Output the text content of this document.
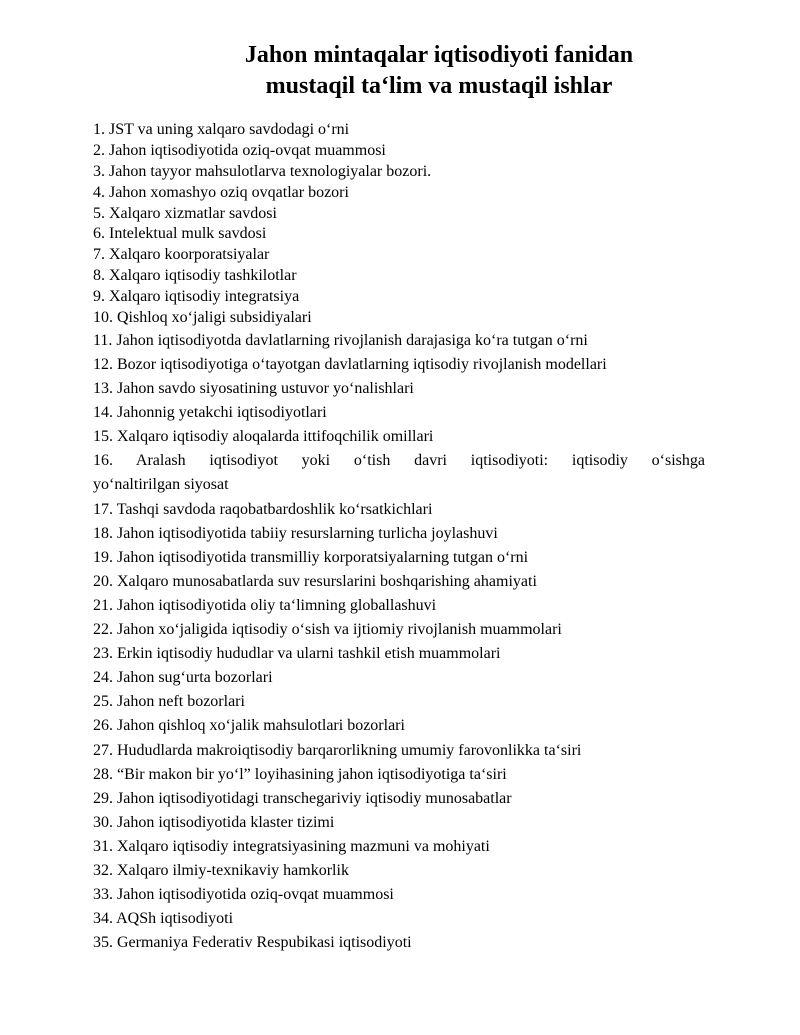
Jahon mintaqalar iqtisodiyoti fanidan
mustaqil taʻlim va mustaqil ishlar
1. JST va uning xalqaro savdodagi oʻrni
2. Jahon iqtisodiyotida oziq-ovqat muammosi
3. Jahon tayyor mahsulotlarva texnologiyalar bozori.
4. Jahon xomashyo oziq ovqatlar bozori
5. Xalqaro xizmatlar savdosi
6. Intelektual mulk savdosi
7. Xalqaro koorporatsiyalar
8. Xalqaro iqtisodiy tashkilotlar
9. Xalqaro iqtisodiy integratsiya
10. Qishloq xoʻjaligi subsidiyalari
11. Jahon iqtisodiyotda davlatlarning rivojlanish darajasiga koʻra tutgan oʻrni
12. Bozor iqtisodiyotiga oʻtayotgan davlatlarning iqtisodiy rivojlanish modellari
13. Jahon savdo siyosatining ustuvor yoʻnalishlari
14. Jahonnig yetakchi iqtisodiyotlari
15. Xalqaro iqtisodiy aloqalarda ittifoqchilik omillari
16. Aralash iqtisodiyot yoki oʻtish davri iqtisodiyoti: iqtisodiy oʻsishga
yoʻnaltirilgan siyosat
17. Tashqi savdoda raqobatbardoshlik koʻrsatkichlari
18. Jahon iqtisodiyotida tabiiy resurslarning turlicha joylashuvi
19. Jahon iqtisodiyotida transmilliy korporatsiyalarning tutgan oʻrni
20. Xalqaro munosabatlarda suv resurslarini boshqarishing ahamiyati
21. Jahon iqtisodiyotida oliy taʻlimning globallashuvi
22. Jahon xoʻjaligida iqtisodiy oʻsish va ijtiomiy rivojlanish muammolari
23. Erkin iqtisodiy hududlar va ularni tashkil etish muammolari
24. Jahon sugʻurta bozorlari
25. Jahon neft bozorlari
26. Jahon qishloq xoʻjalik mahsulotlari bozorlari
27. Hududlarda makroiqtisodiy barqarorlikning umumiy farovonlikka taʻsiri
28. “Bir makon bir yoʻl” loyihasining jahon iqtisodiyotiga taʻsiri
29. Jahon iqtisodiyotidagi transchegariviy iqtisodiy munosabatlar
30. Jahon iqtisodiyotida klaster tizimi
31. Xalqaro iqtisodiy integratsiyasining mazmuni va mohiyati
32. Xalqaro ilmiy-texnikaviy hamkorlik
33. Jahon iqtisodiyotida oziq-ovqat muammosi
34. AQSh iqtisodiyoti
35. Germaniya Federativ Respubikasi iqtisodiyoti
